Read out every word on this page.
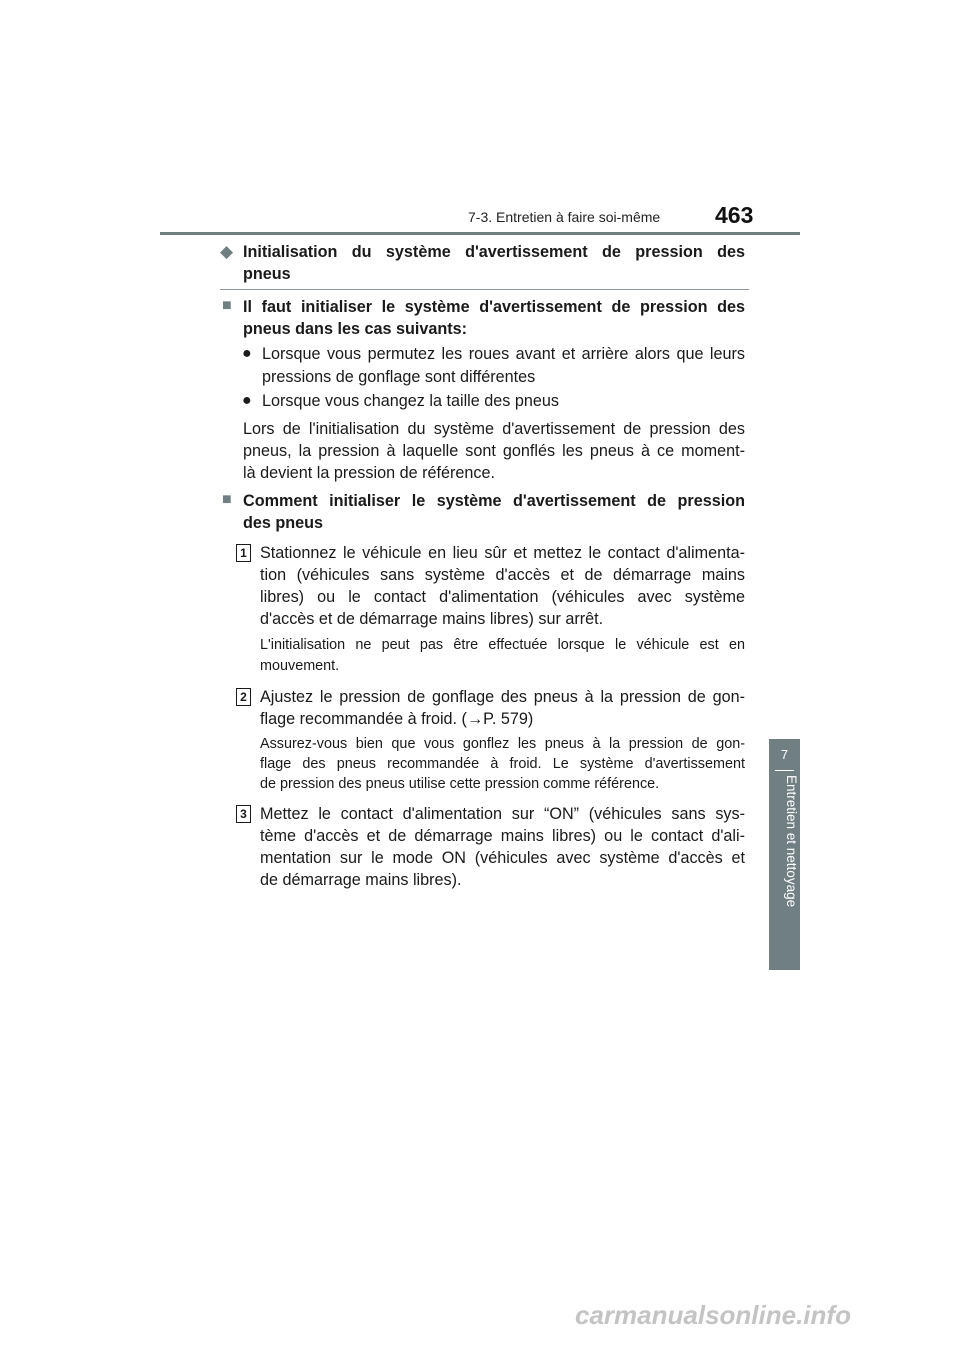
7-3. Entretien à faire soi-même 463
7
Entretien et nettoyage
◆ Initialisation du système d'avertissement de pression des
pneus
■ Il faut initialiser le système d'avertissement de pression des
pneus dans les cas suivants:
● Lorsque vous permutez les roues avant et arrière alors que leurs
pressions de gonflage sont différentes
● Lorsque vous changez la taille des pneus
Lors de l'initialisation du système d'avertissement de pression des
pneus, la pression à laquelle sont gonflés les pneus à ce moment-
là devient la pression de référence.
■ Comment initialiser le système d'avertissement de pression
des pneus
1 Stationnez le véhicule en lieu sûr et mettez le contact d'alimenta-
tion (véhicules sans système d'accès et de démarrage mains
libres) ou le contact d'alimentation (véhicules avec système
d'accès et de démarrage mains libres) sur arrêt.
L'initialisation ne peut pas être effectuée lorsque le véhicule est en
mouvement.
2 Ajustez le pression de gonflage des pneus à la pression de gon-
flage recommandée à froid. (→P. 579)
Assurez-vous bien que vous gonflez les pneus à la pression de gon-
flage des pneus recommandée à froid. Le système d'avertissement
de pression des pneus utilise cette pression comme référence.
3 Mettez le contact d'alimentation sur “ON” (véhicules sans sys-
tème d'accès et de démarrage mains libres) ou le contact d'ali-
mentation sur le mode ON (véhicules avec système d'accès et
de démarrage mains libres).
carmanualsonline.info
